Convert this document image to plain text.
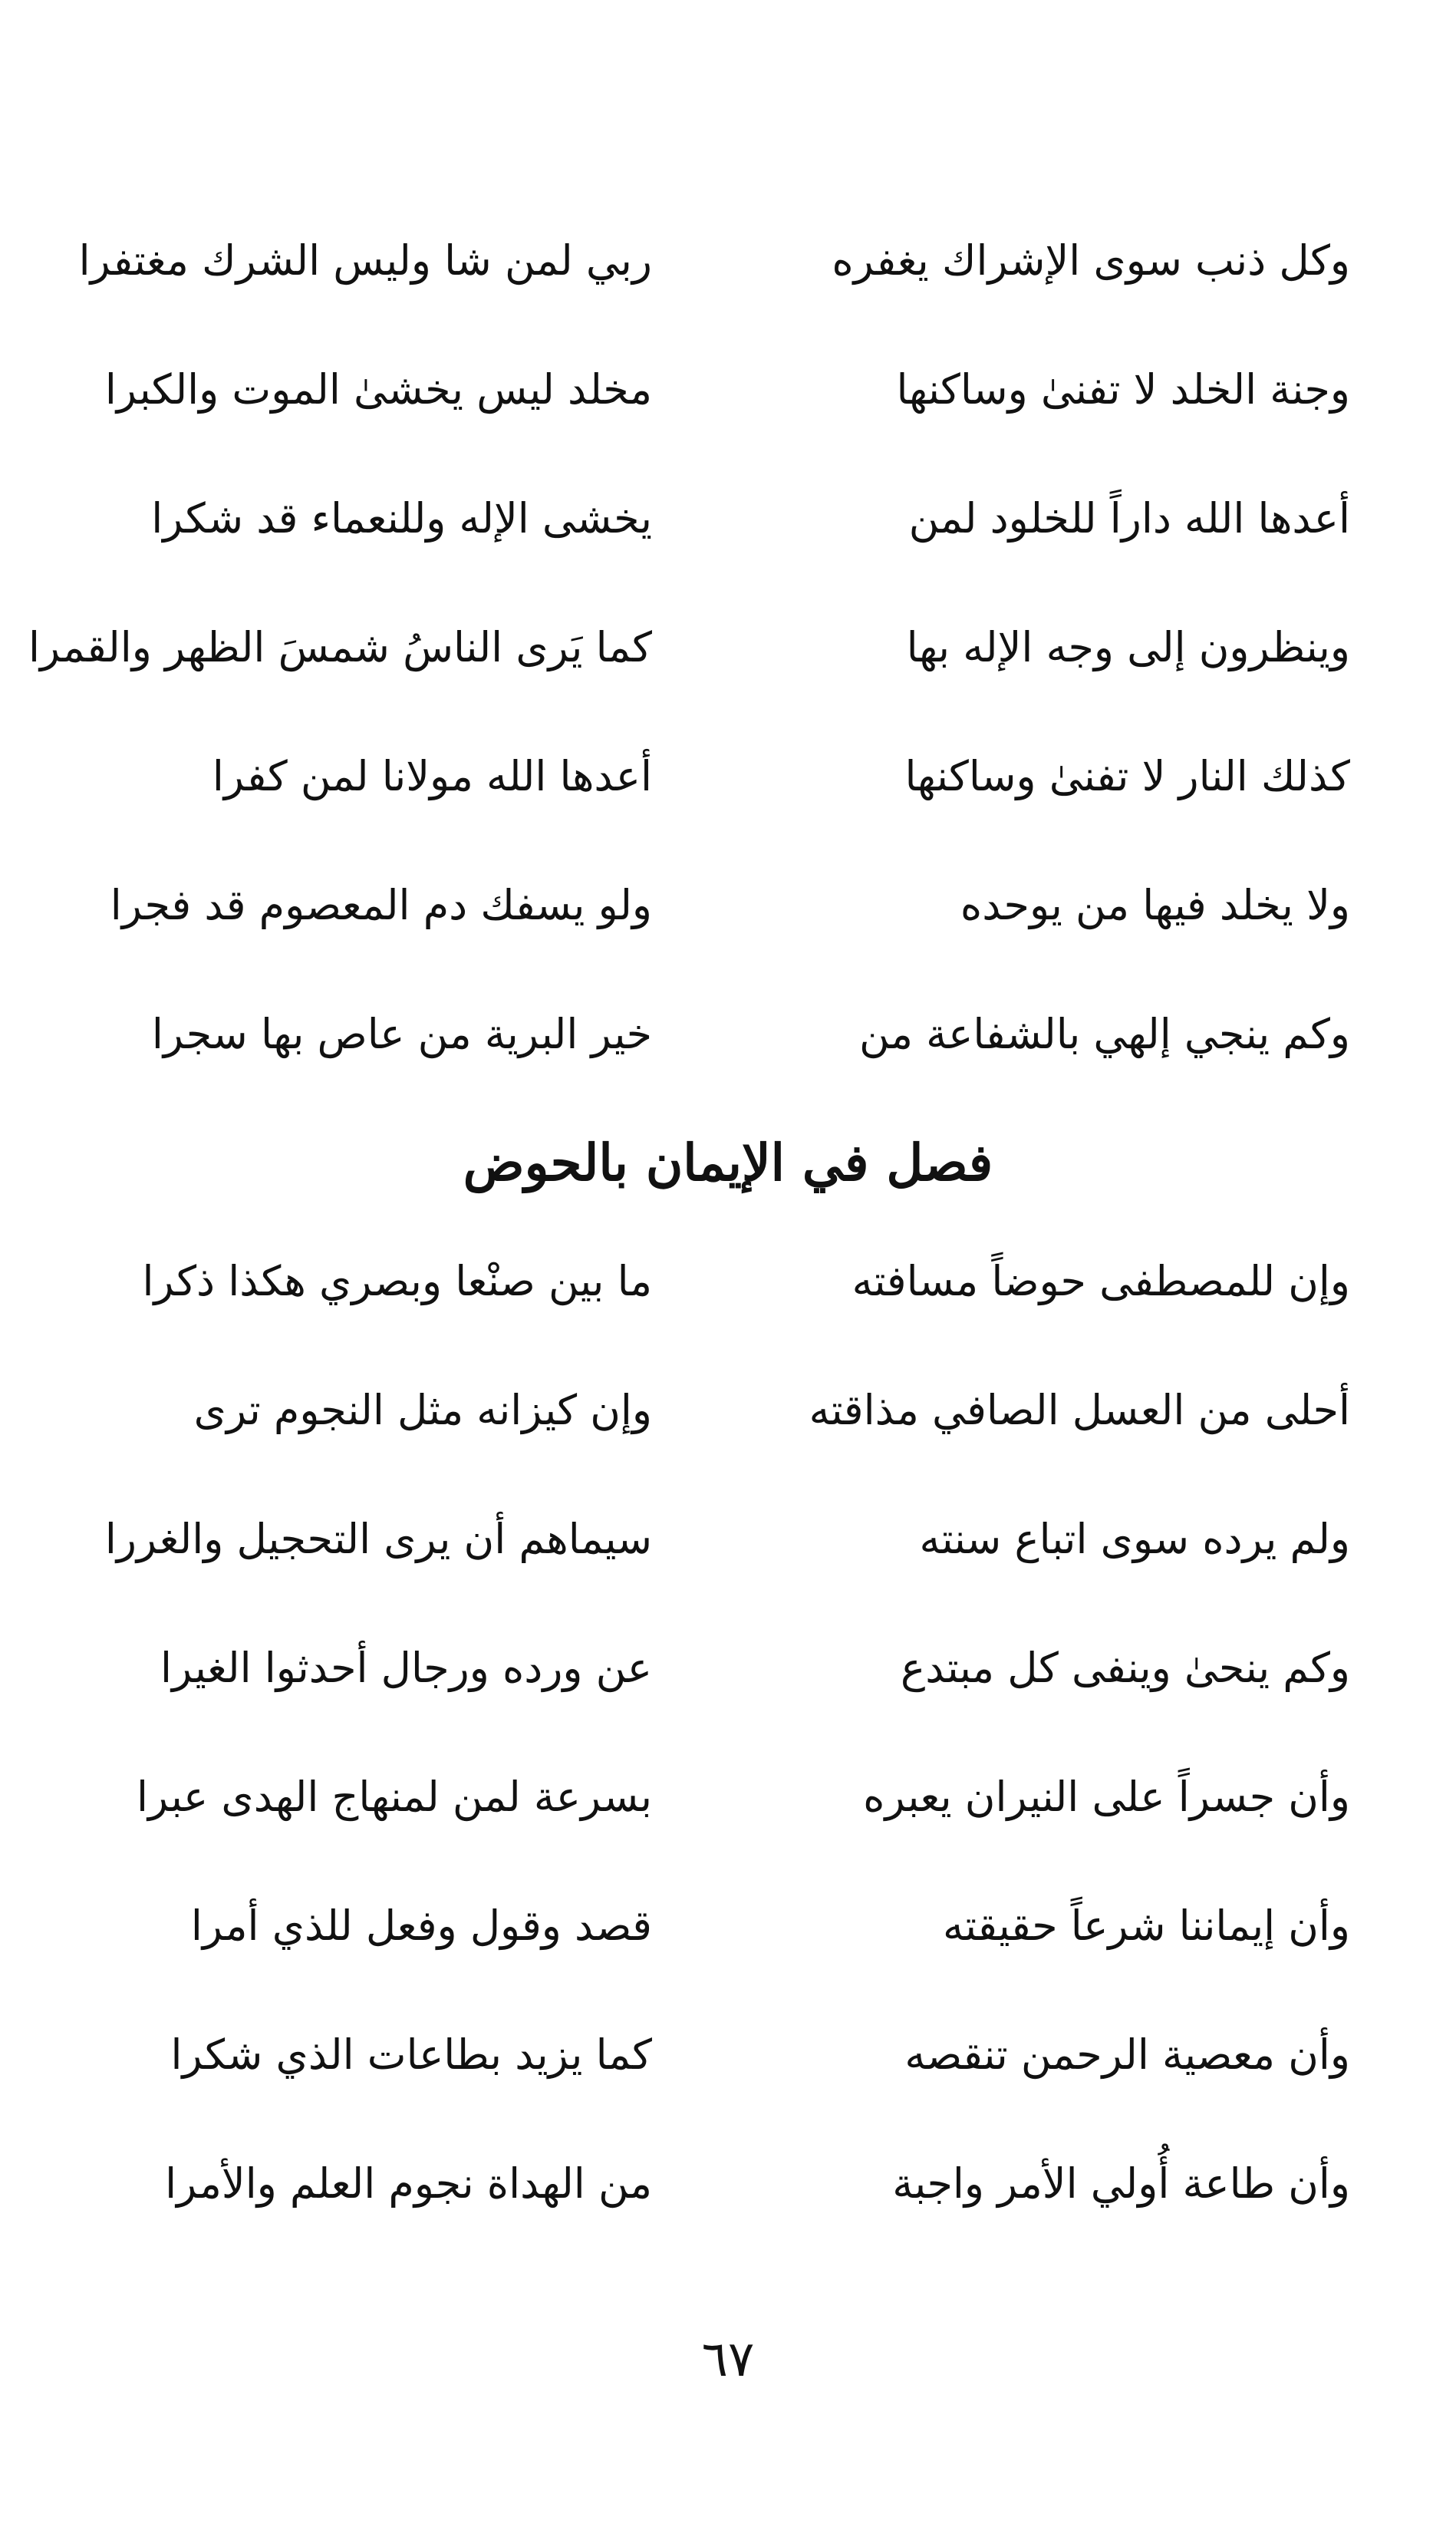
وكل ذنب سوى الإشراك يغفره
ربي لمن شا وليس الشرك مغتفرا
وجنة الخلد لا تفنىٰ وساكنها
مخلد ليس يخشىٰ الموت والكبرا
أعدها الله داراً للخلود لمن
يخشى الإله وللنعماء قد شكرا
وينظرون إلى وجه الإله بها
كما يَرى الناسُ شمسَ الظهر والقمرا
كذلك النار لا تفنىٰ وساكنها
أعدها الله مولانا لمن كفرا
ولا يخلد فيها من يوحده
ولو يسفك دم المعصوم قد فجرا
وكم ينجي إلهي بالشفاعة من
خير البرية من عاص بها سجرا
فصل في الإيمان بالحوض
وإن للمصطفى حوضاً مسافته
ما بين صنْعا وبصري هكذا ذكرا
أحلى من العسل الصافي مذاقته
وإن كيزانه مثل النجوم ترى
ولم يرده سوى اتباع سنته
سيماهم أن يرى التحجيل والغررا
وكم ينحىٰ وينفى كل مبتدع
عن ورده ورجال أحدثوا الغيرا
وأن جسراً على النيران يعبره
بسرعة لمن لمنهاج الهدى عبرا
وأن إيماننا شرعاً حقيقته
قصد وقول وفعل للذي أمرا
وأن معصية الرحمن تنقصه
كما يزيد بطاعات الذي شكرا
وأن طاعة أُولي الأمر واجبة
من الهداة نجوم العلم والأمرا
٦٧
